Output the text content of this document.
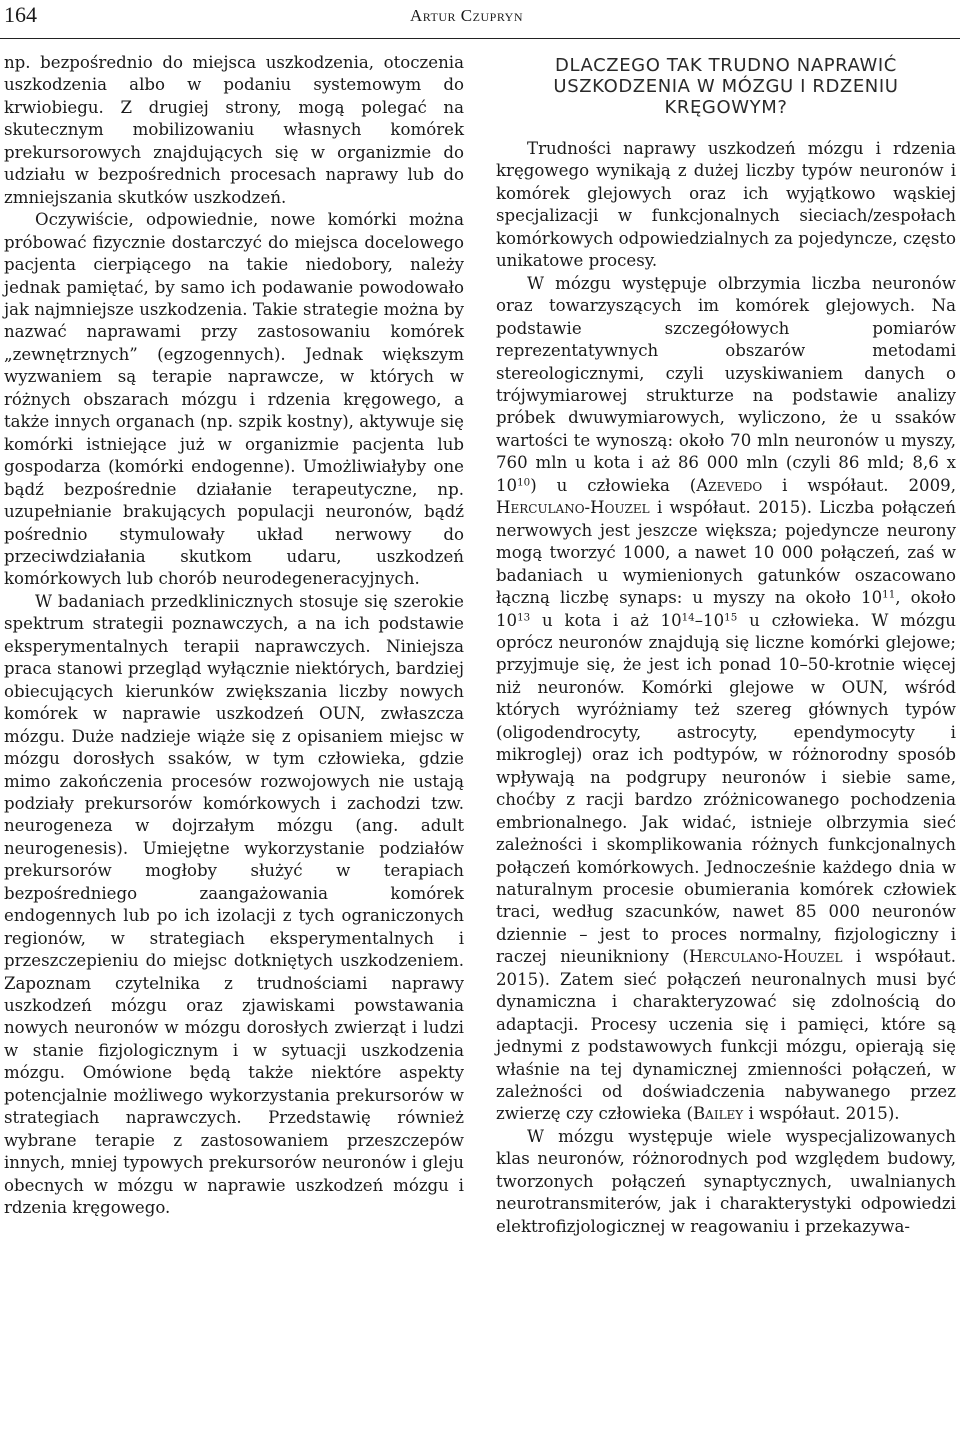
164	Artur Czupryn

np. bezpośrednio do miejsca uszkodzenia, otoczenia uszkodzenia albo w podaniu systemowym do krwiobiegu. Z drugiej strony, mogą polegać na skutecznym mobilizowaniu własnych komórek prekursorowych znajdujących się w organizmie do udziału w bezpośrednich procesach naprawy lub do zmniejszania skutków uszkodzeń.

Oczywiście, odpowiednie, nowe komórki można próbować fizycznie dostarczyć do miejsca docelowego pacjenta cierpiącego na takie niedobory, należy jednak pamiętać, by samo ich podawanie powodowało jak najmniejsze uszkodzenia. Takie strategie można by nazwać naprawami przy zastosowaniu komórek „zewnętrznych” (egzogennych). Jednak większym wyzwaniem są terapie naprawcze, w których w różnych obszarach mózgu i rdzenia kręgowego, a także innych organach (np. szpik kostny), aktywuje się komórki istniejące już w organizmie pacjenta lub gospodarza (komórki endogenne). Umożliwiałyby one bądź bezpośrednie działanie terapeutyczne, np. uzupełnianie brakujących populacji neuronów, bądź pośrednio stymulowały układ nerwowy do przeciwdziałania skutkom udaru, uszkodzeń komórkowych lub chorób neurodegeneracyjnych.

W badaniach przedklinicznych stosuje się szerokie spektrum strategii poznawczych, a na ich podstawie eksperymentalnych terapii naprawczych. Niniejsza praca stanowi przegląd wyłącznie niektórych, bardziej obiecujących kierunków zwiększania liczby nowych komórek w naprawie uszkodzeń OUN, zwłaszcza mózgu. Duże nadzieje wiąże się z opisaniem miejsc w mózgu dorosłych ssaków, w tym człowieka, gdzie mimo zakończenia procesów rozwojowych nie ustają podziały prekursorów komórkowych i zachodzi tzw. neurogeneza w dojrzałym mózgu (ang. adult neurogenesis). Umiejętne wykorzystanie podziałów prekursorów mogłoby służyć w terapiach bezpośredniego zaangażowania komórek endogennych lub po ich izolacji z tych ograniczonych regionów, w strategiach eksperymentalnych i przeszczepieniu do miejsc dotkniętych uszkodzeniem. Zapoznam czytelnika z trudnościami naprawy uszkodzeń mózgu oraz zjawiskami powstawania nowych neuronów w mózgu dorosłych zwierząt i ludzi w stanie fizjologicznym i w sytuacji uszkodzenia mózgu. Omówione będą także niektóre aspekty potencjalnie możliwego wykorzystania prekursorów w strategiach naprawczych. Przedstawię również wybrane terapie z zastosowaniem przeszczepów innych, mniej typowych prekursorów neuronów i gleju obecnych w mózgu w naprawie uszkodzeń mózgu i rdzenia kręgowego.

DLACZEGO TAK TRUDNO NAPRAWIĆ USZKODZENIA W MÓZGU I RDZENIU KRĘGOWYM?

Trudności naprawy uszkodzeń mózgu i rdzenia kręgowego wynikają z dużej liczby typów neuronów i komórek glejowych oraz ich wyjątkowo wąskiej specjalizacji w funkcjonalnych sieciach/zespołach komórkowych odpowiedzialnych za pojedyncze, często unikatowe procesy.

W mózgu występuje olbrzymia liczba neuronów oraz towarzyszących im komórek glejowych. Na podstawie szczegółowych pomiarów reprezentatywnych obszarów metodami stereologicznymi, czyli uzyskiwaniem danych o trójwymiarowej strukturze na podstawie analizy próbek dwuwymiarowych, wyliczono, że u ssaków wartości te wynoszą: około 70 mln neuronów u myszy, 760 mln u kota i aż 86 000 mln (czyli 86 mld; 8,6 x $10^{10}$) u człowieka (Azevedo i współaut. 2009, Herculano-Houzel i współaut. 2015). Liczba połączeń nerwowych jest jeszcze większa; pojedyncze neurony mogą tworzyć 1000, a nawet 10 000 połączeń, zaś w badaniach u wymienionych gatunków oszacowano łączną liczbę synaps: u myszy na około $10^{11}$, około $10^{13}$ u kota i aż $10^{14}-10^{15}$ u człowieka. W mózgu oprócz neuronów znajdują się liczne komórki glejowe; przyjmuje się, że jest ich ponad 10–50-krotnie więcej niż neuronów. Komórki glejowe w OUN, wśród których wyróżniamy też szereg głównych typów (oligodendrocyty, astrocyty, ependymocyty i mikroglej) oraz ich podtypów, w różnorodny sposób wpływają na podgrupy neuronów i siebie same, choćby z racji bardzo zróżnicowanego pochodzenia embrionalnego. Jak widać, istnieje olbrzymia sieć zależności i skomplikowania różnych funkcjonalnych połączeń komórkowych. Jednocześnie każdego dnia w naturalnym procesie obumierania komórek człowiek traci, według szacunków, nawet 85 000 neuronów dziennie – jest to proces normalny, fizjologiczny i raczej nieunikniony (Herculano-Houzel i współaut. 2015). Zatem sieć połączeń neuronalnych musi być dynamiczna i charakteryzować się zdolnością do adaptacji. Procesy uczenia się i pamięci, które są jednymi z podstawowych funkcji mózgu, opierają się właśnie na tej dynamicznej zmienności połączeń, w zależności od doświadczenia nabywanego przez zwierzę czy człowieka (Bailey i współaut. 2015).

W mózgu występuje wiele wyspecjalizowanych klas neuronów, różnorodnych pod względem budowy, tworzonych połączeń synaptycznych, uwalnianych neurotransmiterów, jak i charakterystyki odpowiedzi elektrofizjologicznej w reagowaniu i przekazywa-
